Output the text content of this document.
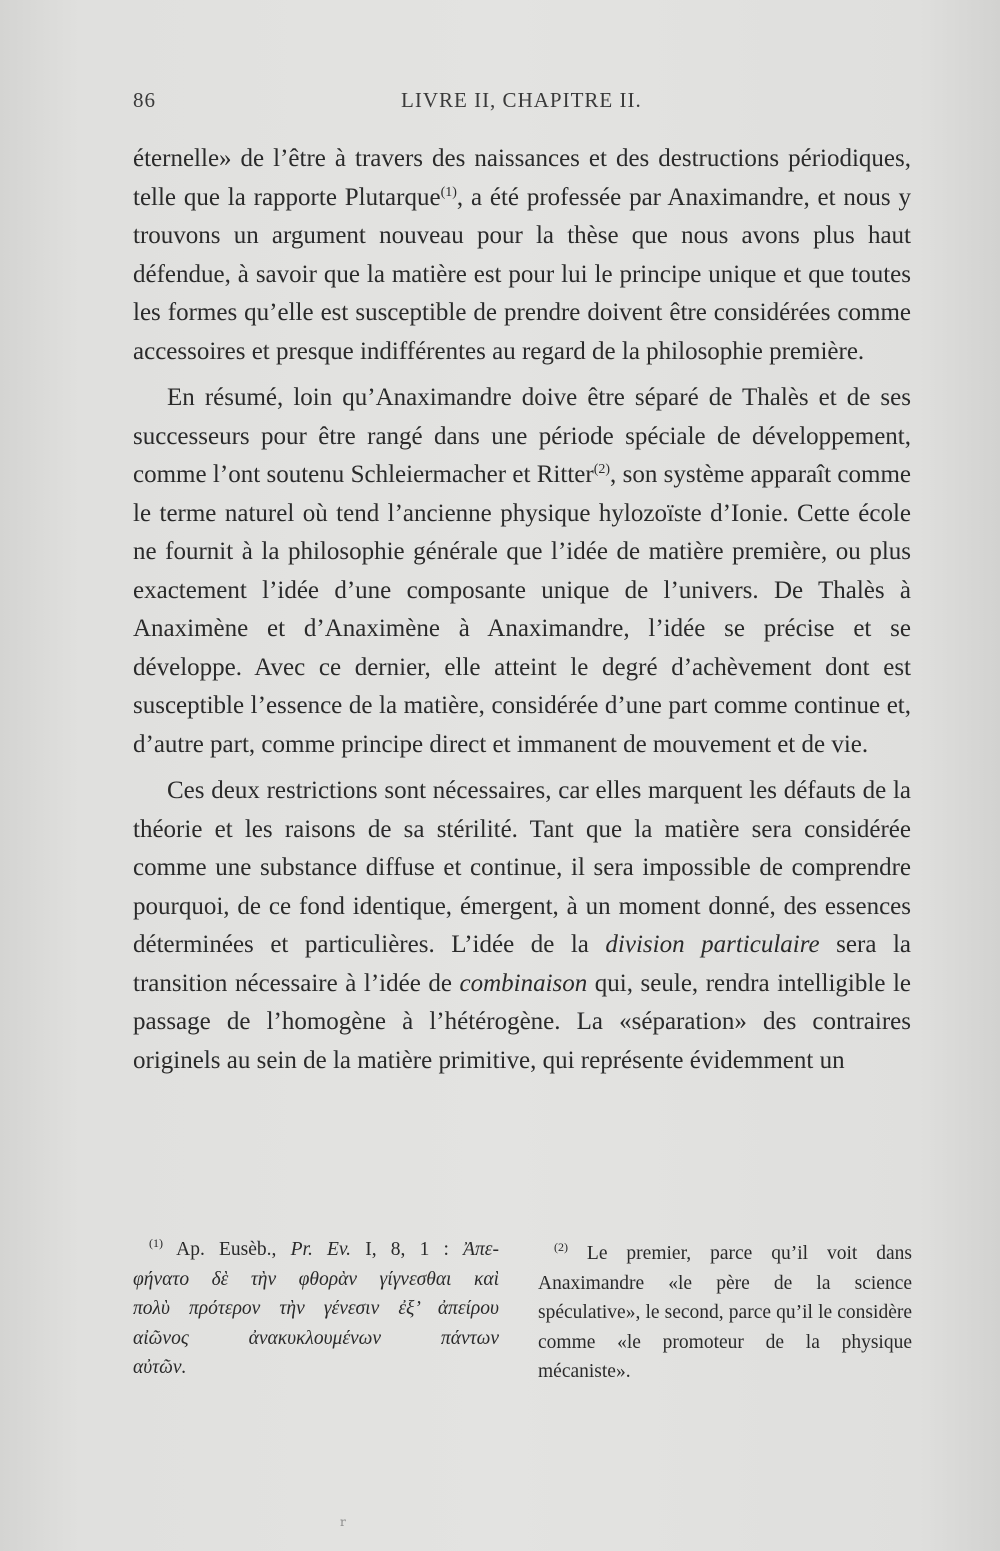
86	LIVRE II, CHAPITRE II.

éternelle» de l’être à travers des naissances et des destructions périodiques, telle que la rapporte Plutarque$^{(1)}$, a été professée par Anaximandre, et nous y trouvons un argument nouveau pour la thèse que nous avons plus haut défendue, à savoir que la matière est pour lui le principe unique et que toutes les formes qu’elle est susceptible de prendre doivent être considérées comme accessoires et presque indifférentes au regard de la philosophie première.

En résumé, loin qu’Anaximandre doive être séparé de Thalès et de ses successeurs pour être rangé dans une période spéciale de développement, comme l’ont soutenu Schleiermacher et Ritter$^{(2)}$, son système apparaît comme le terme naturel où tend l’ancienne physique hylozoïste d’Ionie. Cette école ne fournit à la philosophie générale que l’idée de matière première, ou plus exactement l’idée d’une composante unique de l’univers. De Thalès à Anaximène et d’Anaximène à Anaximandre, l’idée se précise et se développe. Avec ce dernier, elle atteint le degré d’achèvement dont est susceptible l’essence de la matière, considérée d’une part comme continue et, d’autre part, comme principe direct et immanent de mouvement et de vie.

Ces deux restrictions sont nécessaires, car elles marquent les défauts de la théorie et les raisons de sa stérilité. Tant que la matière sera considérée comme une substance diffuse et continue, il sera impossible de comprendre pourquoi, de ce fond identique, émergent, à un moment donné, des essences déterminées et particulières. L’idée de la division particulaire sera la transition nécessaire à l’idée de combinaison qui, seule, rendra intelligible le passage de l’homogène à l’hétérogène. La «séparation» des contraires originels au sein de la matière primitive, qui représente évidemment un

$^{(1)}$ Ap. Eusèb., Pr. Ev. I, 8, 1 : Ἀπε-
φήνατο δὲ τὴν φθορὰν γίγνεσθαι καὶ
πολὺ πρότερον τὴν γένεσιν ἐξ’ ἀπείρου
αἰῶνος ἀνακυκλουμένων πάντων
αὐτῶν.
$^{(2)}$ Le premier, parce qu’il voit dans Anaximandre «le père de la science spéculative», le second, parce qu’il le considère comme «le promoteur de la physique mécaniste».
r
